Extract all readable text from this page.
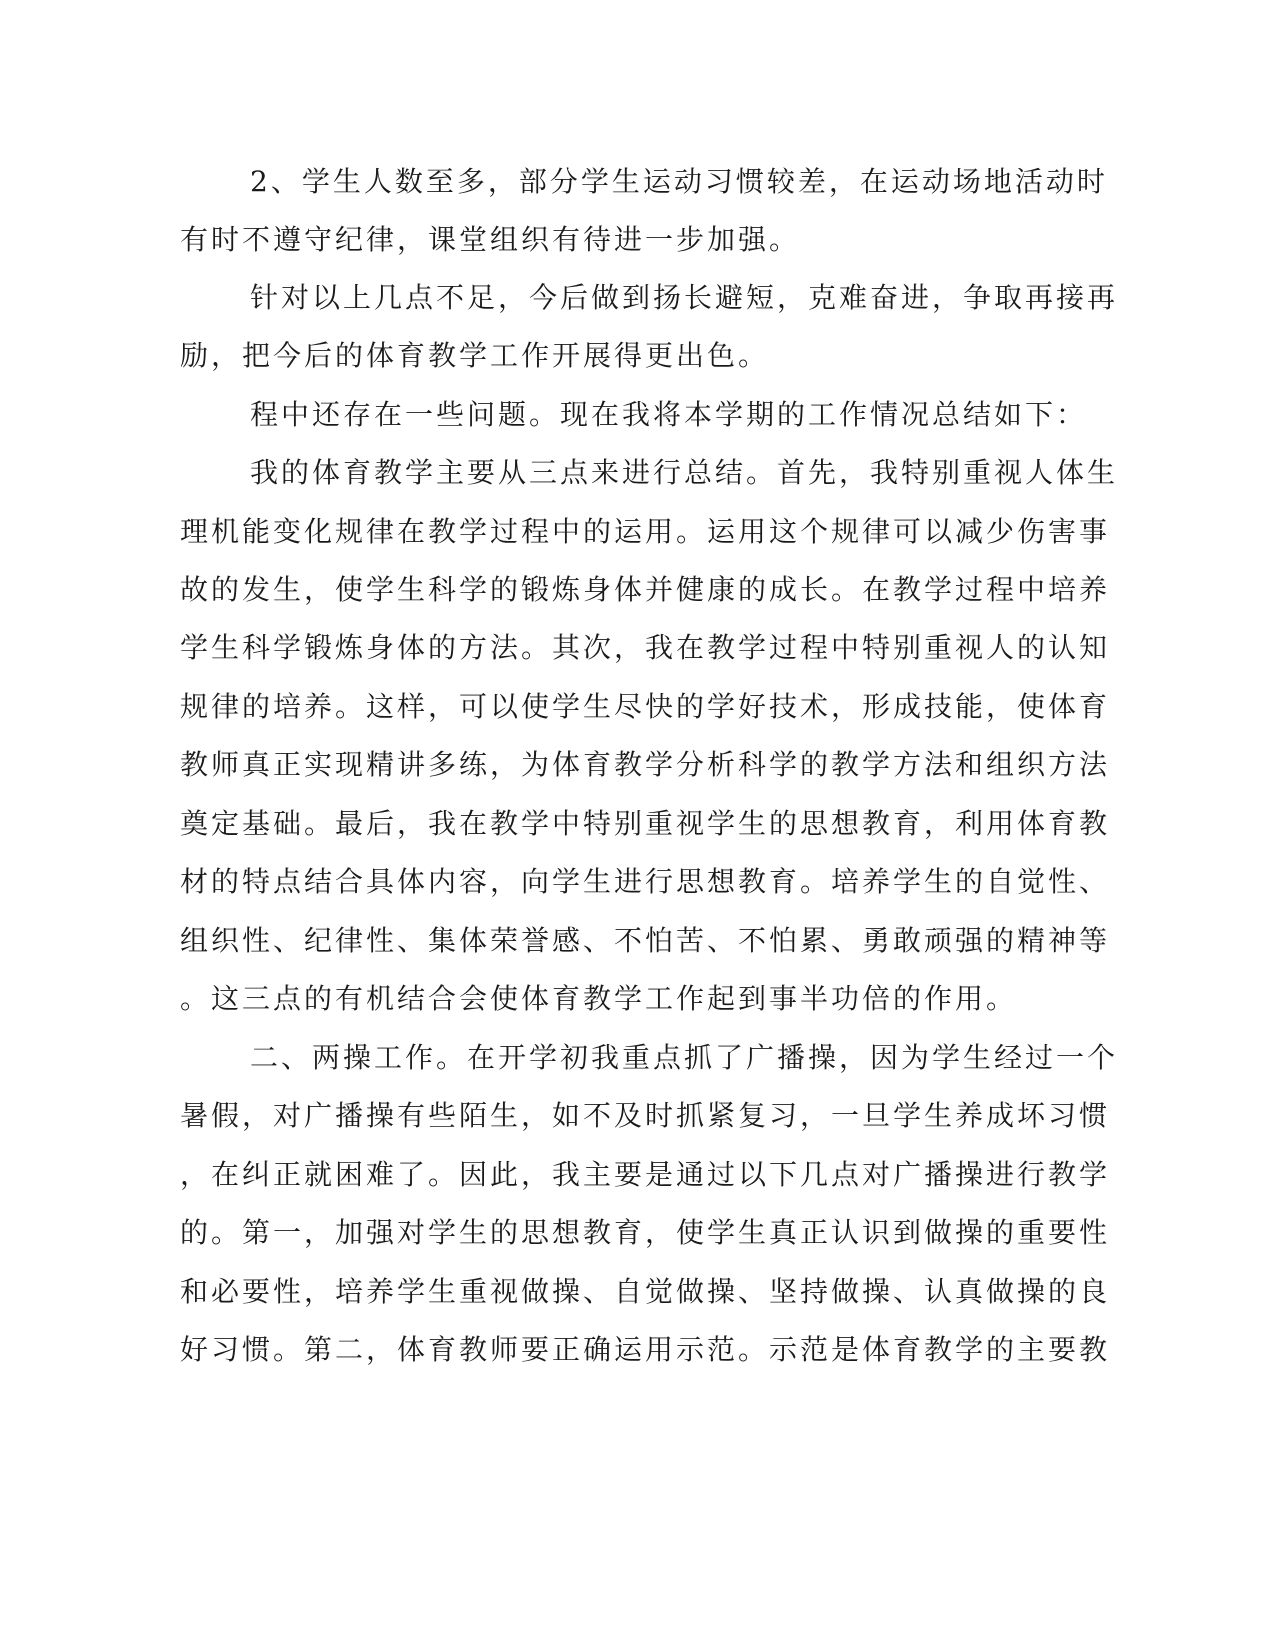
2、学生人数至多，部分学生运动习惯较差，在运动场地活动时
有时不遵守纪律，课堂组织有待进一步加强。
针对以上几点不足，今后做到扬长避短，克难奋进，争取再接再
励，把今后的体育教学工作开展得更出色。
程中还存在一些问题。现在我将本学期的工作情况总结如下：
我的体育教学主要从三点来进行总结。首先，我特别重视人体生
理机能变化规律在教学过程中的运用。运用这个规律可以减少伤害事
故的发生，使学生科学的锻炼身体并健康的成长。在教学过程中培养
学生科学锻炼身体的方法。其次，我在教学过程中特别重视人的认知
规律的培养。这样，可以使学生尽快的学好技术，形成技能，使体育
教师真正实现精讲多练，为体育教学分析科学的教学方法和组织方法
奠定基础。最后，我在教学中特别重视学生的思想教育，利用体育教
材的特点结合具体内容，向学生进行思想教育。培养学生的自觉性、
组织性、纪律性、集体荣誉感、不怕苦、不怕累、勇敢顽强的精神等
。这三点的有机结合会使体育教学工作起到事半功倍的作用。
二、两操工作。在开学初我重点抓了广播操，因为学生经过一个
暑假，对广播操有些陌生，如不及时抓紧复习，一旦学生养成坏习惯
，在纠正就困难了。因此，我主要是通过以下几点对广播操进行教学
的。第一，加强对学生的思想教育，使学生真正认识到做操的重要性
和必要性，培养学生重视做操、自觉做操、坚持做操、认真做操的良
好习惯。第二，体育教师要正确运用示范。示范是体育教学的主要教
